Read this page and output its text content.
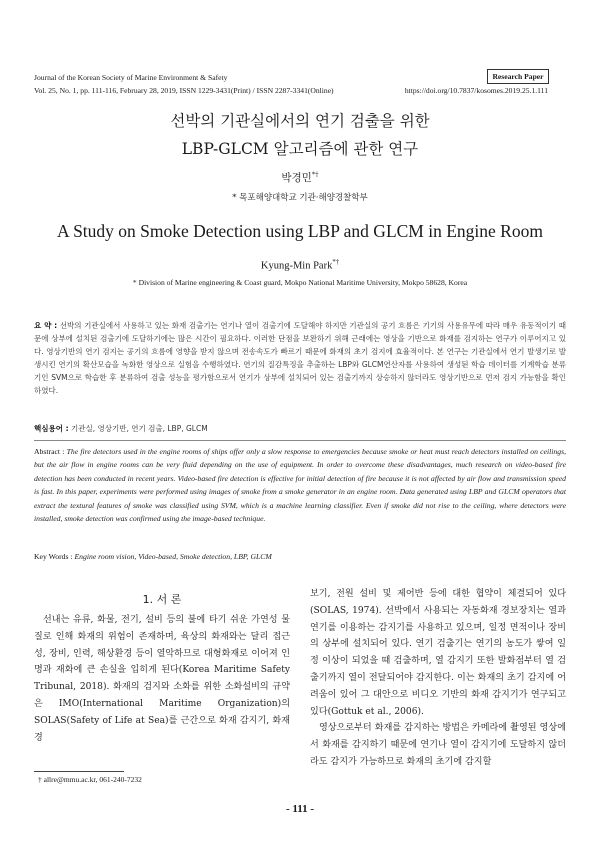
Journal of the Korean Society of Marine Environment & Safety
Vol. 25, No. 1, pp. 111-116, February 28, 2019, ISSN 1229-3431(Print) / ISSN 2287-3341(Online)
Research Paper
https://doi.org/10.7837/kosomes.2019.25.1.111
선박의 기관실에서의 연기 검출을 위한
LBP-GLCM 알고리즘에 관한 연구
박경민*†
* 목포해양대학교 기관·해양경찰학부
A Study on Smoke Detection using LBP and GLCM in Engine Room
Kyung-Min Park*†
* Division of Marine engineering & Coast guard, Mokpo National Maritime University, Mokpo 58628, Korea
요 약 : 선박의 기관실에서 사용하고 있는 화재 검출기는 연기나 열이 검출기에 도달해야 하지만 기관실의 공기 흐름은 기기의 사용유무에 따라 매우 유동적이기 때문에 상부에 설치된 검출기에 도달하기에는 많은 시간이 필요하다. 이러한 단점을 보완하기 위해 근래에는 영상을 기반으로 화재를 검지하는 연구가 이루어지고 있다. 영상기반의 연기 검지는 공기의 흐름에 영향을 받지 않으며 전송속도가 빠르기 때문에 화재의 초기 검지에 효율적이다. 본 연구는 기관실에서 연기 발생기로 발생시킨 연기의 확산모습을 녹화한 영상으로 실험을 수행하였다. 연기의 질감특징을 추출하는 LBP와 GLCM연산자를 사용하여 생성된 학습 데이터를 기계학습 분류기인 SVM으로 학습한 후 분류하여 검출 성능을 평가함으로서 연기가 상부에 설치되어 있는 검출기까지 상승하지 않더라도 영상기반으로 먼저 검지 가능함을 확인하였다.
핵심용어 : 기관실, 영상기반, 연기 검출, LBP, GLCM
Abstract : The fire detectors used in the engine rooms of ships offer only a slow response to emergencies because smoke or heat must reach detectors installed on ceilings, but the air flow in engine rooms can be very fluid depending on the use of equipment. In order to overcome these disadvantages, much research on video-based fire detection has been conducted in recent years. Video-based fire detection is effective for initial detection of fire because it is not affected by air flow and transmission speed is fast. In this paper, experiments were performed using images of smoke from a smoke generator in an engine room. Data generated using LBP and GLCM operators that extract the textural features of smoke was classified using SVM, which is a machine learning classifier. Even if smoke did not rise to the ceiling, where detectors were installed, smoke detection was confirmed using the image-based technique.
Key Words : Engine room vision, Video-based, Smoke detection, LBP, GLCM
1. 서 론

선내는 유류, 화물, 전기, 설비 등의 불에 타기 쉬운 가연성 물질로 인해 화재의 위험이 존재하며, 육상의 화재와는 달리 접근성, 장비, 인력, 해상환경 등이 열악하므로 대형화재로 이어져 인명과 재화에 큰 손실을 입히게 된다(Korea Maritime Safety Tribunal, 2018). 화재의 검지와 소화를 위한 소화설비의 규약은 IMO(International Maritime Organization)의 SOLAS(Safety of Life at Sea)를 근간으로 화재 감지기, 화재경

보기, 전원 설비 및 제어반 등에 대한 협약이 체결되어 있다(SOLAS, 1974). 선박에서 사용되는 자동화재 경보장치는 열과 연기를 이용하는 감지기를 사용하고 있으며, 일정 면적이나 장비의 상부에 설치되어 있다. 연기 검출기는 연기의 농도가 쌓여 일정 이상이 되었을 때 검출하며, 열 감지기 또한 발화점부터 열 검출기까지 열이 전달되어야 감지한다. 이는 화재의 초기 감지에 어려움이 있어 그 대안으로 비디오 기반의 화재 감지기가 연구되고 있다(Gottuk et al., 2006).

영상으로부터 화재를 감지하는 방법은 카메라에 촬영된 영상에서 화재를 감지하기 때문에 연기나 열이 감지기에 도달하지 않더라도 감지가 가능하므로 화재의 초기에 감지할

† allre@mmu.ac.kr, 061-240-7232
- 111 -
